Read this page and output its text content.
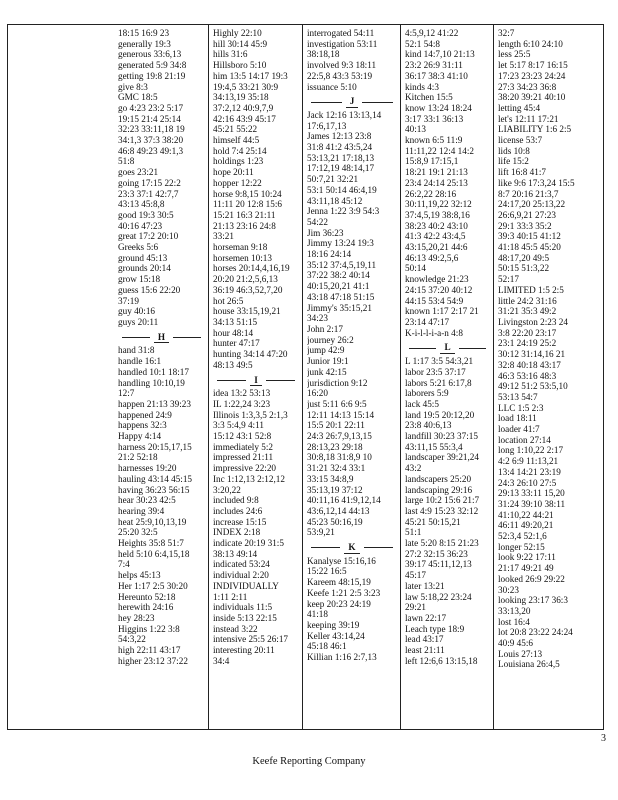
18:15 16:9 23
generally 19:3
generous 33:6,13
generated 5:9 34:8
getting 19:8 21:19
give 8:3
GMC 18:5
go 4:23 23:2 5:17
19:15 21:4 25:14
32:23 33:11,18 19
34:1,3 37:3 38:20
46:8 49:23 49:1,3
51:8
goes 23:21
going 17:15 22:2
23:3 37:1 42:7,7
43:13 45:8,8
good 19:3 30:5
40:16 47:23
great 17:2 20:10
Greeks 5:6
ground 45:13
grounds 20:14
grow 15:18
guess 15:6 22:20
37:19
guy 40:16
guys 20:11
H
hand 31:8
handle 16:1
handled 10:1 18:17
handling 10:10,19
12:7
happen 21:13 39:23
happened 24:9
happens 32:3
Happy 4:14
harness 20:15,17,15
21:2 52:18
harnesses 19:20
hauling 43:14 45:15
having 36:23 56:15
hear 30:23 42:5
hearing 39:4
heat 25:9,10,13,19
25:20 32:5
Heights 35:8 51:7
held 5:10 6:4,15,18
7:4
helps 45:13
Her 1:17 2:5 30:20
Hereunto 52:18
herewith 24:16
hey 28:23
Higgins 1:22 3:8
54:3,22
high 22:11 43:17
higher 23:12 37:22
Highly 22:10
hill 30:14 45:9
hills 31:6
Hillsboro 5:10
him 13:5 14:17 19:3
19:4,5 33:21 30:9
34:13,19 35:18
37:2,12 40:9,7,9
42:16 43:9 45:17
45:21 55:22
himself 44:5
hold 7:4 25:14
holdings 1:23
hope 20:11
hopper 12:22
horse 9:8,15 10:24
11:11 20 12:8 15:6
15:21 16:3 21:11
21:13 23:16 24:8
33:21
horseman 9:18
horsemen 10:13
horses 20:14,4,16,19
20:20 21:2,5,6,13
36:19 46:3,52,7,20
hot 26:5
house 33:15,19,21
34:13 51:15
hour 48:14
hunter 47:17
hunting 34:14 47:20
48:13 49:5
I
idea 13:2 53:13
IL 1:22,24 3:23
Illinois 1:3,3,5 2:1,3
3:3 5:4,9 4:11
15:12 43:1 52:8
immediately 5:2
impressed 21:11
impressive 22:20
Inc 1:12,13 2:12,12
3:20,22
included 9:8
includes 24:6
increase 15:15
INDEX 2:18
indicate 20:19 31:5
38:13 49:14
indicated 53:24
individual 2:20
INDIVIDUALLY
1:11 2:11
individuals 11:5
inside 5:13 22:15
instead 3:22
intensive 25:5 26:17
interesting 20:11
34:4
interrogated 54:11
investigation 53:11
38:18,18
involved 9:3 18:11
22:5,8 43:3 53:19
issuance 5:10
J
Jack 12:16 13:13,14
17:6,17,13
James 12:13 23:8
31:8 41:2 43:5,24
53:13,21 17:18,13
17:12,19 48:14,17
50:7,21 32:21
53:1 50:14 46:4,19
43:11,18 45:12
Jenna 1:22 3:9 54:3
54:22
Jim 36:23
Jimmy 13:24 19:3
18:16 24:14
35:12 37:4,5,19,11
37:22 38:2 40:14
40:15,20,21 41:1
43:18 47:18 51:15
Jimmy's 35:15,21
34:23
John 2:17
journey 26:2
jump 42:9
Junior 19:1
junk 42:15
jurisdiction 9:12
16:20
just 5:11 6:6 9:5
12:11 14:13 15:14
15:5 20:1 22:11
24:3 26:7,9,13,15
28:13,23 29:18
30:8,18 31:8,9 10
31:21 32:4 33:1
33:15 34:8,9
35:13,19 37:12
40:11,16 41:9,12,14
43:6,12,14 44:13
45:23 50:16,19
53:9,21
K
Kanalyse 15:16,16
15:22 16:5
Kareem 48:15,19
Keefe 1:21 2:5 3:23
keep 20:23 24:19
41:18
keeping 39:19
Keller 43:14,24
45:18 46:1
Killian 1:16 2:7,13
4:5,9,12 41:22
52:1 54:8
kind 14:7,10 21:13
23:2 26:9 31:11
36:17 38:3 41:10
kinds 4:3
Kitchen 15:5
know 13:24 18:24
3:17 33:1 36:13
40:13
known 6:5 11:9
11:11,22 12:4 14:2
15:8,9 17:15,1
18:21 19:1 21:13
23:4 24:14 25:13
26:2,22 28:16
30:11,19,22 32:12
37:4,5,19 38:8,16
38:23 40:2 43:10
41:3 42:2 43:4,5
43:15,20,21 44:6
46:13 49:2,5,6
50:14
knowledge 21:23
24:15 37:20 40:12
44:15 53:4 54:9
known 1:17 2:17 21
23:14 47:17
K-i-l-l-i-a-n 4:8
L
L 1:17 3:5 54:3,21
labor 23:5 37:17
labors 5:21 6:17,8
laborers 5:9
lack 45:5
land 19:5 20:12,20
23:8 40:6,13
landfill 30:23 37:15
43:11,15 55:3,4
landscaper 39:21,24
43:2
landscapers 25:20
landscaping 29:16
large 10:2 15:6 21:7
last 4:9 15:23 32:12
45:21 50:15,21
51:1
late 5:20 8:15 21:23
27:2 32:15 36:23
39:17 45:11,12,13
45:17
later 13:21
law 5:18,22 23:24
29:21
lawn 22:17
Leach type 18:9
lead 43:17
least 21:11
left 12:6,6 13:15,18
32:7
length 6:10 24:10
less 25:5
let 5:17 8:17 16:15
17:23 23:23 24:24
27:3 34:23 36:8
38:20 39:21 40:10
letting 45:4
let's 12:11 17:21
LIABILITY 1:6 2:5
license 53:7
lids 10:8
life 15:2
lift 16:8 41:7
like 9:6 17:3,24 15:5
8:7 20:16 21:3,7
24:17,20 25:13,22
26:6,9,21 27:23
29:1 33:3 35:2
39:3 40:15 41:12
41:18 45:5 45:20
48:17,20 49:5
50:15 51:3,22
52:17
LIMITED 1:5 2:5
little 24:2 31:16
31:21 35:3 49:2
Livingston 2:23 24
3:8 22:20 23:17
23:1 24:19 25:2
30:12 31:14,16 21
32:8 40:18 43:17
46:3 53:16 48:3
49:12 51:2 53:5,10
53:13 54:7
LLC 1:5 2:3
load 18:11
loader 41:7
location 27:14
long 1:10,22 2:17
4:2 6:9 11:13,21
13:4 14:21 23:19
24:3 26:10 27:5
29:13 33:11 15,20
31:24 39:10 38:11
41:10,22 44:21
46:11 49:20,21
52:3,4 52:1,6
longer 52:15
look 9:22 17:11
21:17 49:21 49
looked 26:9 29:22
30:23
looking 23:17 36:3
33:13,20
lost 16:4
lot 20:8 23:22 24:24
40:9 45:6
Louis 27:13
Louisiana 26:4,5
3
Keefe Reporting Company
